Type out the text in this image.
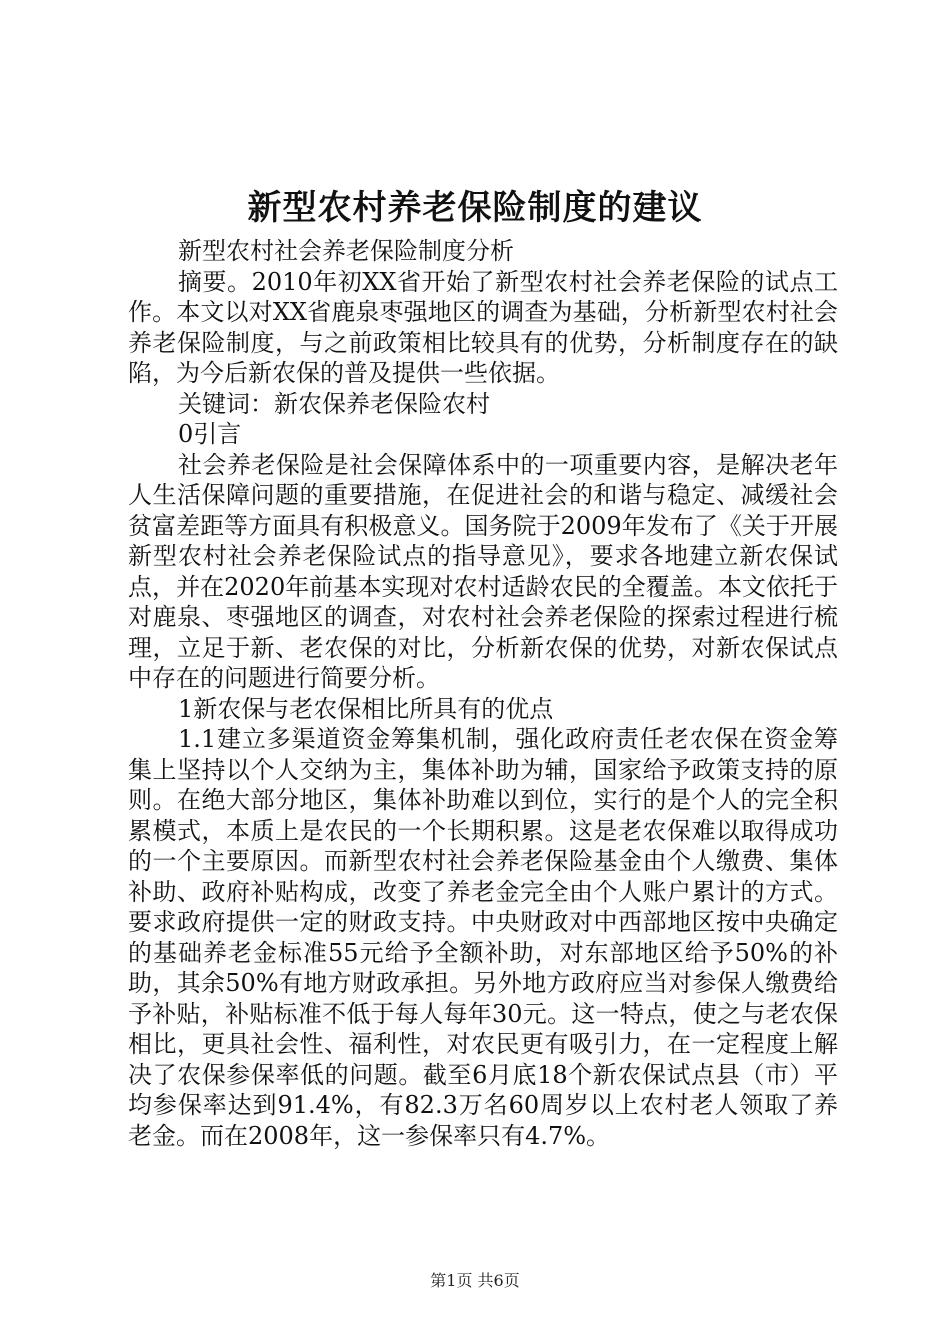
新型农村养老保险制度的建议

新型农村社会养老保险制度分析

摘要。2010年初XX省开始了新型农村社会养老保险的试点工作。本文以对XX省鹿泉枣强地区的调查为基础，分析新型农村社会养老保险制度，与之前政策相比较具有的优势，分析制度存在的缺陷，为今后新农保的普及提供一些依据。

关键词：新农保养老保险农村

0引言

社会养老保险是社会保障体系中的一项重要内容，是解决老年人生活保障问题的重要措施，在促进社会的和谐与稳定、减缓社会贫富差距等方面具有积极意义。国务院于2009年发布了《关于开展新型农村社会养老保险试点的指导意见》，要求各地建立新农保试点，并在2020年前基本实现对农村适龄农民的全覆盖。本文依托于对鹿泉、枣强地区的调查，对农村社会养老保险的探索过程进行梳理，立足于新、老农保的对比，分析新农保的优势，对新农保试点中存在的问题进行简要分析。

1新农保与老农保相比所具有的优点

1.1建立多渠道资金筹集机制，强化政府责任老农保在资金筹集上坚持以个人交纳为主，集体补助为辅，国家给予政策支持的原则。在绝大部分地区，集体补助难以到位，实行的是个人的完全积累模式，本质上是农民的一个长期积累。这是老农保难以取得成功的一个主要原因。而新型农村社会养老保险基金由个人缴费、集体补助、政府补贴构成，改变了养老金完全由个人账户累计的方式。要求政府提供一定的财政支持。中央财政对中西部地区按中央确定的基础养老金标准55元给予全额补助，对东部地区给予50%的补助，其余50%有地方财政承担。另外地方政府应当对参保人缴费给予补贴，补贴标准不低于每人每年30元。这一特点，使之与老农保相比，更具社会性、福利性，对农民更有吸引力，在一定程度上解决了农保参保率低的问题。截至6月底18个新农保试点县（市）平均参保率达到91.4%，有82.3万名60周岁以上农村老人领取了养老金。而在2008年，这一参保率只有4.7%。

第1页 共6页
